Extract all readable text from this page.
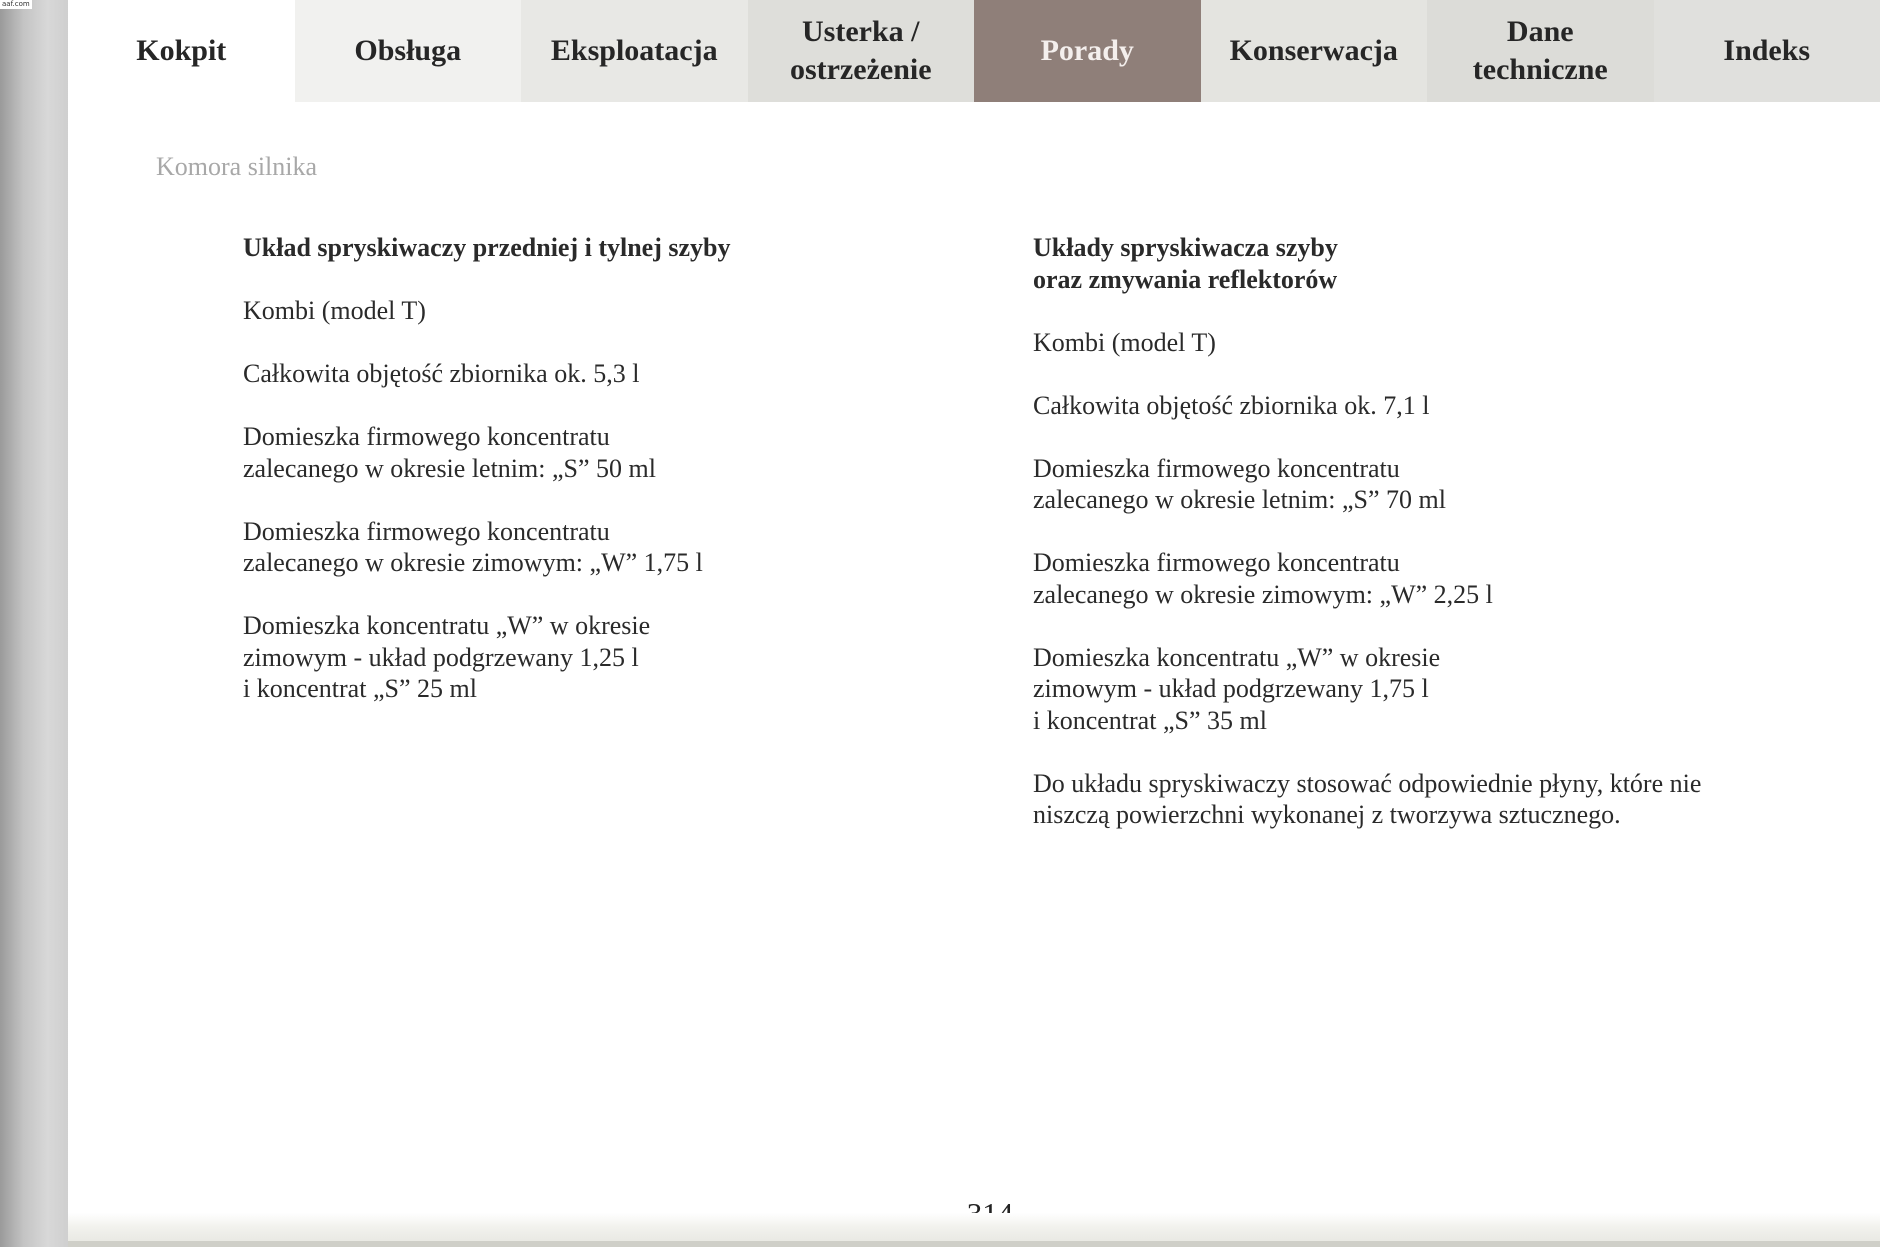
aaf.com
Kokpit	Obsługa	Eksploatacja
Usterka /
ostrzeżenie
Porady	Konserwacja
Dane
techniczne
Indeks
Komora silnika
Układ spryskiwaczy przedniej i tylnej szyby

Kombi (model T)

Całkowita objętość zbiornika ok. 5,3 l

Domieszka firmowego koncentratu
zalecanego w okresie letnim: „S” 50 ml

Domieszka firmowego koncentratu
zalecanego w okresie zimowym: „W” 1,75 l

Domieszka koncentratu „W” w okresie
zimowym - układ podgrzewany 1,25 l
i koncentrat „S” 25 ml

Układy spryskiwacza szyby
oraz zmywania reflektorów

Kombi (model T)

Całkowita objętość zbiornika ok. 7,1 l

Domieszka firmowego koncentratu
zalecanego w okresie letnim: „S” 70 ml

Domieszka firmowego koncentratu
zalecanego w okresie zimowym: „W” 2,25 l

Domieszka koncentratu „W” w okresie
zimowym - układ podgrzewany 1,75 l
i koncentrat „S” 35 ml

Do układu spryskiwaczy stosować odpowiednie płyny, które nie
niszczą powierzchni wykonanej z tworzywa sztucznego.
